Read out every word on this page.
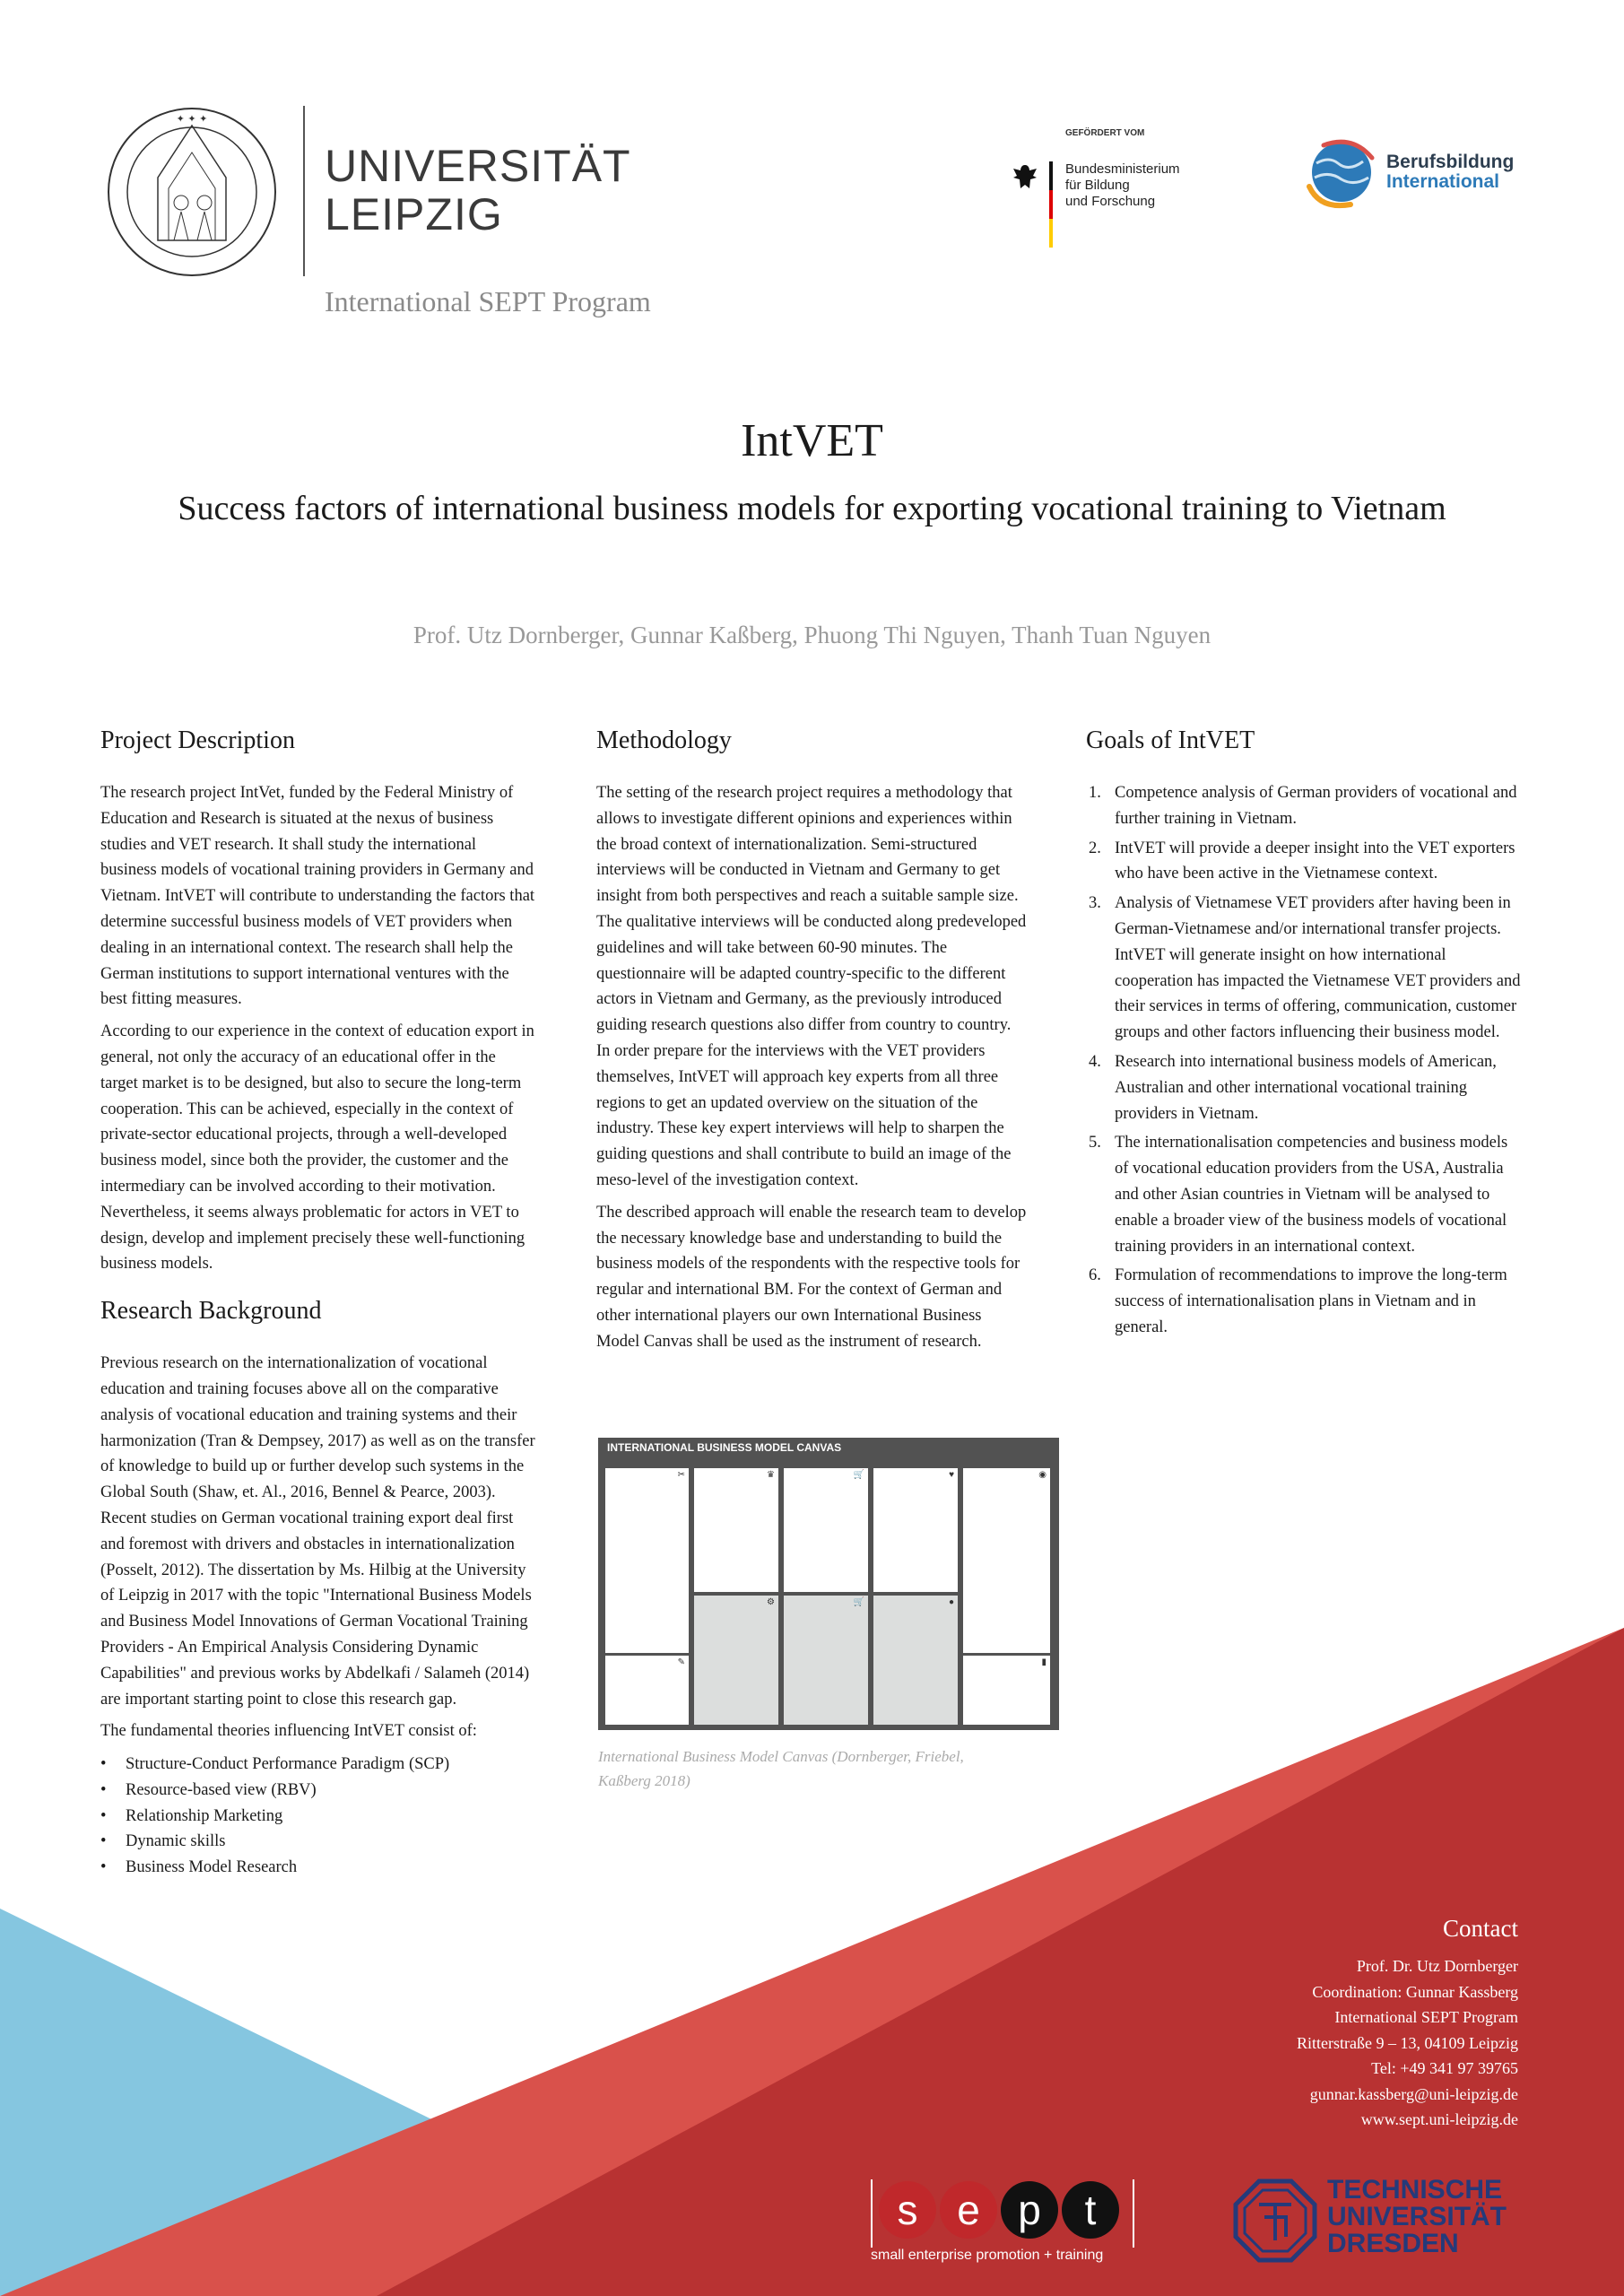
✦ ✦ ✦
UNIVERSITÄT
LEIPZIG
International SEPT Program
GEFÖRDERT VOM
Bundesministerium
für Bildung
und Forschung
Berufsbildung
International
IntVET
Success factors of international business models for exporting vocational training to Vietnam
Prof. Utz Dornberger, Gunnar Kaßberg, Phuong Thi Nguyen, Thanh Tuan Nguyen
Project Description

The research project IntVet, funded by the Federal Ministry of Education and Research is situated at the nexus of business studies and VET research. It shall study the international business models of vocational training providers in Germany and Vietnam. IntVET will contribute to understanding the factors that determine successful business models of VET providers when dealing in an international context. The research shall help the German institutions to support international ventures with the best fitting measures.

According to our experience in the context of education export in general, not only the accuracy of an educational offer in the target market is to be designed, but also to secure the long-term cooperation. This can be achieved, especially in the context of private-sector educational projects, through a well-developed business model, since both the provider, the customer and the intermediary can be involved according to their motivation. Nevertheless, it seems always problematic for actors in VET to design, develop and implement precisely these well-functioning business models.

Research Background

Previous research on the internationalization of vocational education and training focuses above all on the comparative analysis of vocational education and training systems and their harmonization (Tran & Dempsey, 2017) as well as on the transfer of knowledge to build up or further develop such systems in the Global South (Shaw, et. Al., 2016, Bennel & Pearce, 2003). Recent studies on German vocational training export deal first and foremost with drivers and obstacles in internationalization (Posselt, 2012). The dissertation by Ms. Hilbig at the University of Leipzig in 2017 with the topic "International Business Models and Business Model Innovations of German Vocational Training Providers - An Empirical Analysis Considering Dynamic Capabilities" and previous works by Abdelkafi / Salameh (2014) are important starting point to close this research gap.

The fundamental theories influencing IntVET consist of:

• Structure-Conduct Performance Paradigm (SCP)
• Resource-based view (RBV)
• Relationship Marketing
• Dynamic skills
• Business Model Research
Methodology

The setting of the research project requires a methodology that allows to investigate different opinions and experiences within the broad context of internationalization. Semi-structured interviews will be conducted in Vietnam and Germany to get insight from both perspectives and reach a suitable sample size. The qualitative interviews will be conducted along predeveloped guidelines and will take between 60-90 minutes. The questionnaire will be adapted country-specific to the different actors in Vietnam and Germany, as the previously introduced guiding research questions also differ from country to country. In order prepare for the interviews with the VET providers themselves, IntVET will approach key experts from all three regions to get an updated overview on the situation of the industry. These key expert interviews will help to sharpen the guiding questions and shall contribute to build an image of the meso-level of the investigation context.

The described approach will enable the research team to develop the necessary knowledge base and understanding to build the business models of the respondents with the respective tools for regular and international BM. For the context of German and other international players our own International Business Model Canvas shall be used as the instrument of research.

INTERNATIONAL BUSINESS MODEL CANVAS
✂
✎
♛
⚙
🛒
🛒
♥
●
◉
▮
International Business Model Canvas (Dornberger, Friebel, Kaßberg 2018)
Goals of IntVET
1. Competence analysis of German providers of vocational and further training in Vietnam.
2. IntVET will provide a deeper insight into the VET exporters who have been active in the Vietnamese context.
3. Analysis of Vietnamese VET providers after having been in German-Vietnamese and/or international transfer projects. IntVET will generate insight on how international cooperation has impacted the Vietnamese VET providers and their services in terms of offering, communication, customer groups and other factors influencing their business model.
4. Research into international business models of American, Australian and other international vocational training providers in Vietnam.
5. The internationalisation competencies and business models of vocational education providers from the USA, Australia and other Asian countries in Vietnam will be analysed to enable a broader view of the business models of vocational training providers in an international context.
6. Formulation of recommendations to improve the long-term success of internationalisation plans in Vietnam and in general.
Contact
Prof. Dr. Utz Dornberger
Coordination: Gunnar Kassberg
International SEPT Program
Ritterstraße 9 – 13, 04109 Leipzig
Tel: +49 341 97 39765
gunnar.kassberg@uni-leipzig.de
www.sept.uni-leipzig.de
s e p t
small enterprise promotion + training
TECHNISCHE
UNIVERSITÄT
DRESDEN
